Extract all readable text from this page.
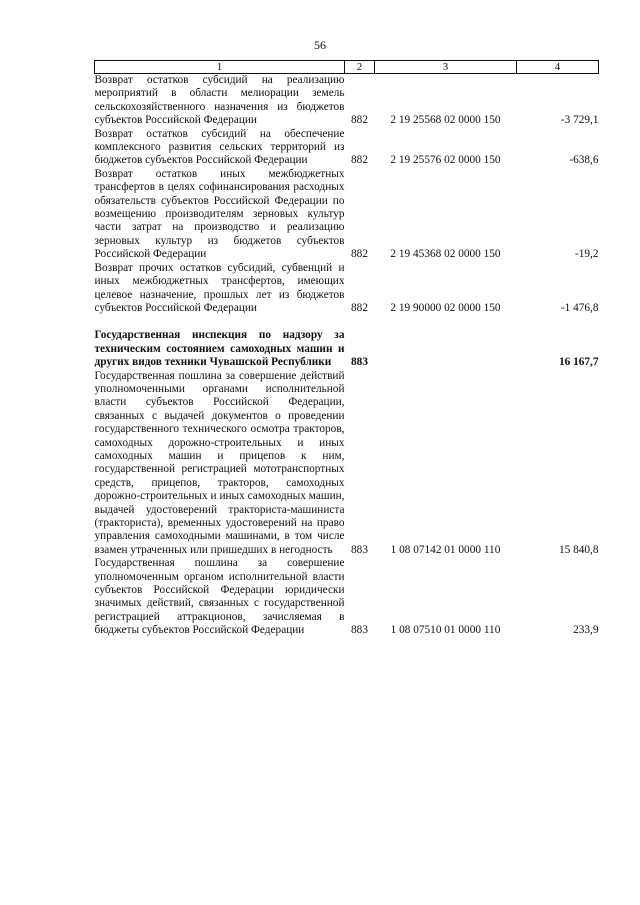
56
1	2	3	4
Возврат остатков субсидий на реализацию мероприятий в области мелиорации земель сельскохозяйственного назначения из бюджетов субъектов Российской Федерации	882	2 19 25568 02 0000 150	-3 729,1
Возврат остатков субсидий на обеспечение комплексного развития сельских территорий из бюджетов субъектов Российской Федерации	882	2 19 25576 02 0000 150	-638,6
Возврат остатков иных межбюджетных трансфертов в целях софинансирования расходных обязательств субъектов Российской Федерации по возмещению производителям зерновых культур части затрат на производство и реализацию зерновых культур из бюджетов субъектов Российской Федерации	882	2 19 45368 02 0000 150	-19,2
Возврат прочих остатков субсидий, субвенций и иных межбюджетных трансфертов, имеющих целевое назначение, прошлых лет из бюджетов субъектов Российской Федерации	882	2 19 90000 02 0000 150	-1 476,8

Государственная инспекция по надзору за техническим состоянием самоходных машин и других видов техники Чувашской Республики	883		16 167,7
Государственная пошлина за совершение действий уполномоченными органами исполнительной власти субъектов Российской Федерации, связанных с выдачей документов о проведении государственного технического осмотра тракторов, самоходных дорожно-строительных и иных самоходных машин и прицепов к ним, государственной регистрацией мототранспортных средств, прицепов, тракторов, самоходных дорожно-строительных и иных самоходных машин, выдачей удостоверений тракториста-машиниста (тракториста), временных удостоверений на право управления самоходными машинами, в том числе взамен утраченных или пришедших в негодность	883	1 08 07142 01 0000 110	15 840,8
Государственная пошлина за совершение уполномоченным органом исполнительной власти субъектов Российской Федерации юридически значимых действий, связанных с государственной регистрацией аттракционов, зачисляемая в бюджеты субъектов Российской Федерации	883	1 08 07510 01 0000 110	233,9
